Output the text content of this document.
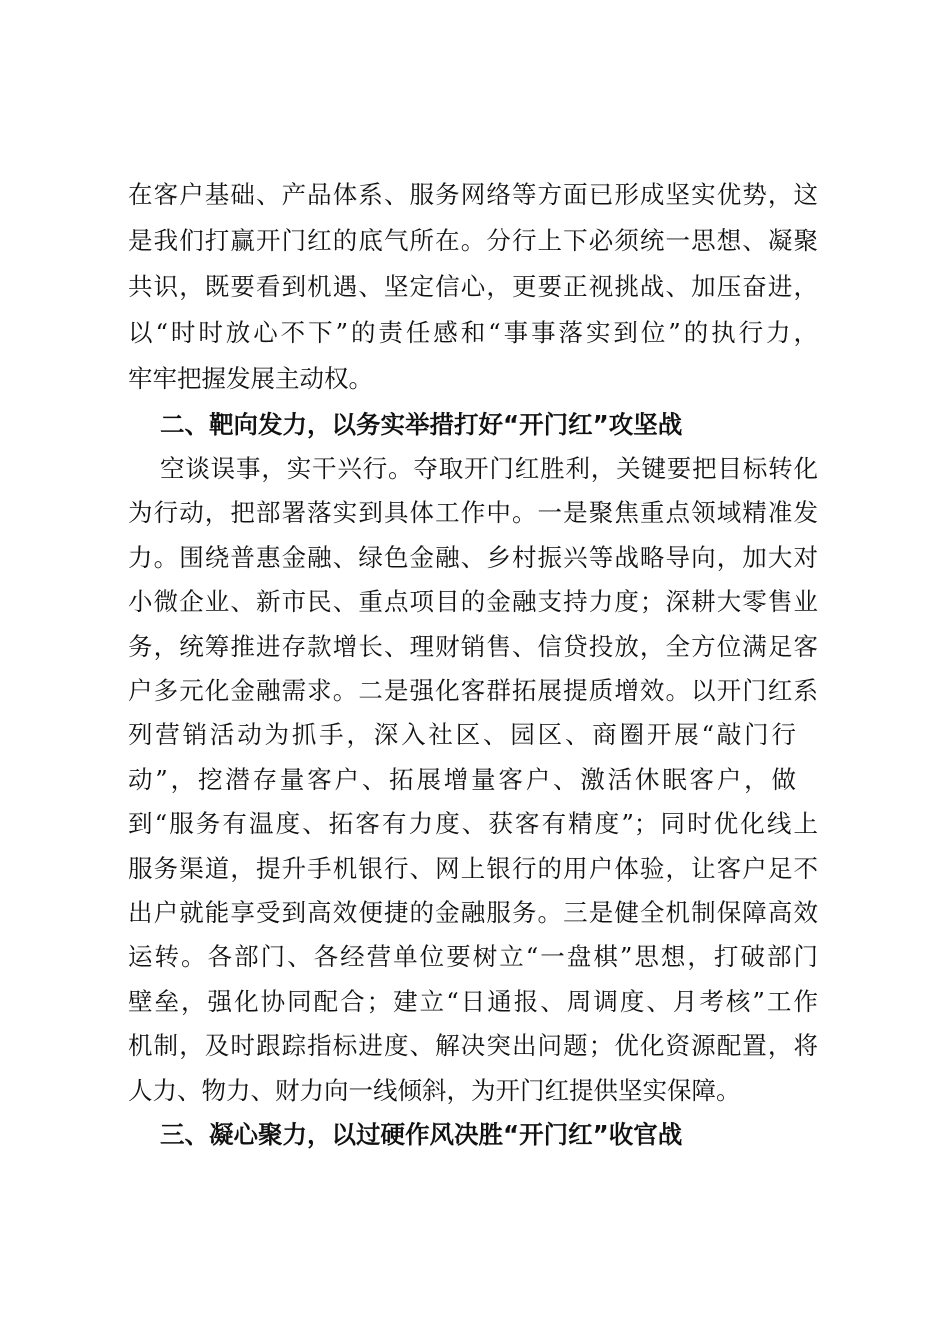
在客户基础、产品体系、服务网络等方面已形成坚实优势，这
是我们打赢开门红的底气所在。分行上下必须统一思想、凝聚
共识，既要看到机遇、坚定信心，更要正视挑战、加压奋进，
以“时时放心不下”的责任感和“事事落实到位”的执行力，
牢牢把握发展主动权。
二、靶向发力，以务实举措打好“开门红”攻坚战
空谈误事，实干兴行。夺取开门红胜利，关键要把目标转化
为行动，把部署落实到具体工作中。一是聚焦重点领域精准发
力。围绕普惠金融、绿色金融、乡村振兴等战略导向，加大对
小微企业、新市民、重点项目的金融支持力度；深耕大零售业
务，统筹推进存款增长、理财销售、信贷投放，全方位满足客
户多元化金融需求。二是强化客群拓展提质增效。以开门红系
列营销活动为抓手，深入社区、园区、商圈开展“敲门行
动”，挖潜存量客户、拓展增量客户、激活休眠客户，做
到“服务有温度、拓客有力度、获客有精度”；同时优化线上
服务渠道，提升手机银行、网上银行的用户体验，让客户足不
出户就能享受到高效便捷的金融服务。三是健全机制保障高效
运转。各部门、各经营单位要树立“一盘棋”思想，打破部门
壁垒，强化协同配合；建立“日通报、周调度、月考核”工作
机制，及时跟踪指标进度、解决突出问题；优化资源配置，将
人力、物力、财力向一线倾斜，为开门红提供坚实保障。
三、凝心聚力，以过硬作风决胜“开门红”收官战
